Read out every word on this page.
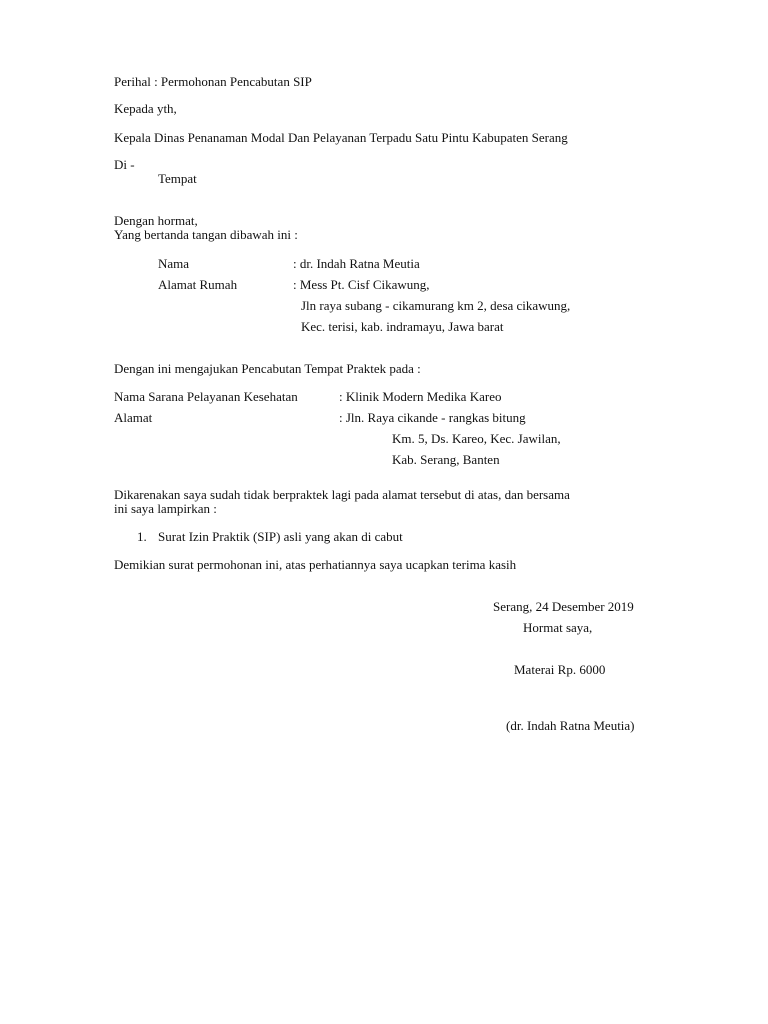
Perihal : Permohonan Pencabutan SIP
Kepada yth,
Kepala Dinas Penanaman Modal Dan Pelayanan Terpadu Satu Pintu Kabupaten Serang
Di -
Tempat
Dengan hormat,
Yang bertanda tangan dibawah ini :
Nama	: dr. Indah Ratna Meutia
Alamat Rumah	: Mess Pt. Cisf Cikawung,
Jln raya subang - cikamurang km 2, desa cikawung,
Kec. terisi, kab. indramayu, Jawa barat
Dengan ini mengajukan Pencabutan Tempat Praktek pada :
Nama Sarana Pelayanan Kesehatan	: Klinik Modern Medika Kareo
Alamat	: Jln. Raya cikande - rangkas bitung
Km. 5, Ds. Kareo, Kec. Jawilan,
Kab. Serang, Banten
Dikarenakan saya sudah tidak berpraktek lagi pada alamat tersebut di atas, dan bersama
ini saya lampirkan :
1. Surat Izin Praktik (SIP) asli yang akan di cabut
Demikian surat permohonan ini, atas perhatiannya saya ucapkan terima kasih
Serang, 24 Desember 2019
Hormat saya,
Materai Rp. 6000
(dr. Indah Ratna Meutia)
